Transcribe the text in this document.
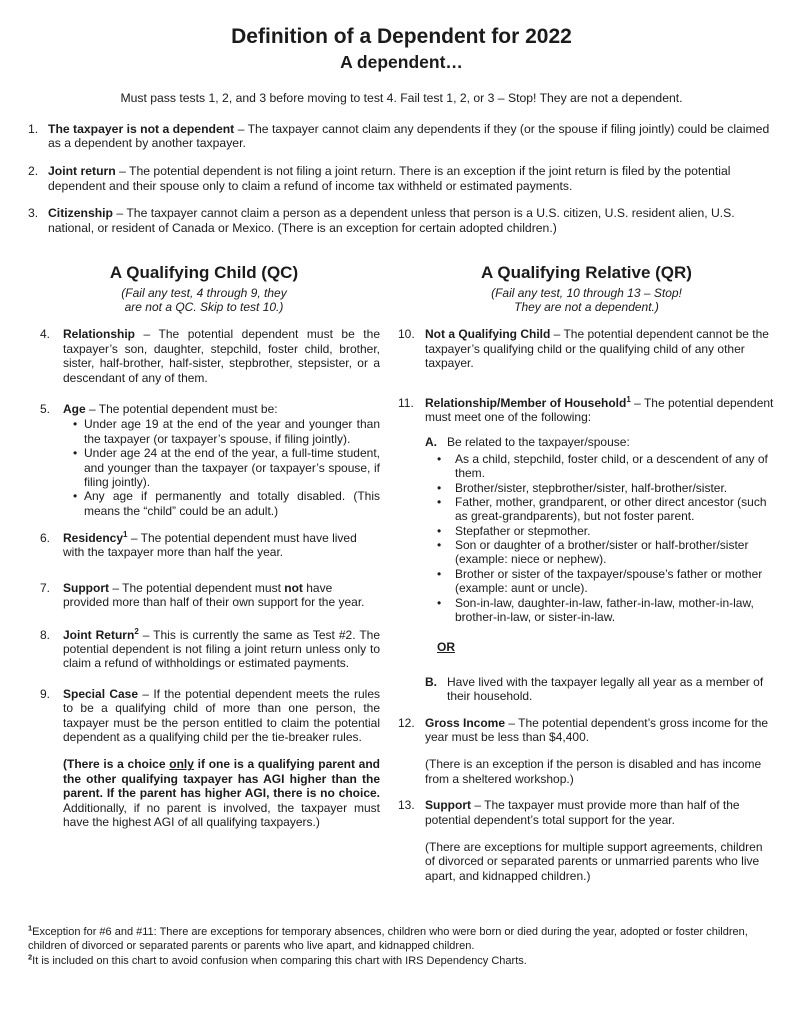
Definition of a Dependent for 2022
A dependent…

Must pass tests 1, 2, and 3 before moving to test 4. Fail test 1, 2, or 3 – Stop! They are not a dependent.

1. The taxpayer is not a dependent – The taxpayer cannot claim any dependents if they (or the spouse if filing jointly) could be claimed as a dependent by another taxpayer.

2. Joint return – The potential dependent is not filing a joint return. There is an exception if the joint return is filed by the potential dependent and their spouse only to claim a refund of income tax withheld or estimated payments.

3. Citizenship – The taxpayer cannot claim a person as a dependent unless that person is a U.S. citizen, U.S. resident alien, U.S. national, or resident of Canada or Mexico. (There is an exception for certain adopted children.)

A Qualifying Child (QC)
(Fail any test, 4 through 9, they
are not a QC. Skip to test 10.)
4.	Relationship – The potential dependent must be the taxpayer’s son, daughter, stepchild, foster child, brother, sister, half-brother, half-sister, stepbrother, stepsister, or a descendant of any of them.
5.	Age – The potential dependent must be:
• Under age 19 at the end of the year and younger than the taxpayer (or taxpayer’s spouse, if filing jointly).
• Under age 24 at the end of the year, a full-time student, and younger than the taxpayer (or taxpayer’s spouse, if filing jointly).
• Any age if permanently and totally disabled. (This means the “child” could be an adult.)
6.	Residency$^1$ – The potential dependent must have lived with the taxpayer more than half the year.
7.	Support – The potential dependent must not have provided more than half of their own support for the year.
8.	Joint Return$^2$ – This is currently the same as Test #2. The potential dependent is not filing a joint return unless only to claim a refund of withholdings or estimated payments.
9.	Special Case – If the potential dependent meets the rules to be a qualifying child of more than one person, the taxpayer must be the person entitled to claim the potential dependent as a qualifying child per the tie-breaker rules.

(There is a choice only if one is a qualifying parent and the other qualifying taxpayer has AGI higher than the parent. If the parent has higher AGI, there is no choice. Additionally, if no parent is involved, the taxpayer must have the highest AGI of all qualifying taxpayers.)

A Qualifying Relative (QR)
(Fail any test, 10 through 13 – Stop!
They are not a dependent.)
10. Not a Qualifying Child – The potential dependent cannot be the taxpayer’s qualifying child or the qualifying child of any other taxpayer.
11. Relationship/Member of Household$^1$ – The potential dependent must meet one of the following:
A. Be related to the taxpayer/spouse:
• As a child, stepchild, foster child, or a descendent of any of them.
• Brother/sister, stepbrother/sister, half-brother/sister.
• Father, mother, grandparent, or other direct ancestor (such as great-grandparents), but not foster parent.
• Stepfather or stepmother.
• Son or daughter of a brother/sister or half-brother/sister (example: niece or nephew).
• Brother or sister of the taxpayer/spouse’s father or mother (example: aunt or uncle).
• Son-in-law, daughter-in-law, father-in-law, mother-in-law, brother-in-law, or sister-in-law.
OR
B. Have lived with the taxpayer legally all year as a member of their household.
12. Gross Income – The potential dependent’s gross income for the year must be less than $4,400.

(There is an exception if the person is disabled and has income from a sheltered workshop.)

13. Support – The taxpayer must provide more than half of the potential dependent’s total support for the year.

(There are exceptions for multiple support agreements, children of divorced or separated parents or unmarried parents who live apart, and kidnapped children.)

$^1$Exception for #6 and #11: There are exceptions for temporary absences, children who were born or died during the year, adopted or foster children, children of divorced or separated parents or parents who live apart, and kidnapped children.

$^2$It is included on this chart to avoid confusion when comparing this chart with IRS Dependency Charts.
